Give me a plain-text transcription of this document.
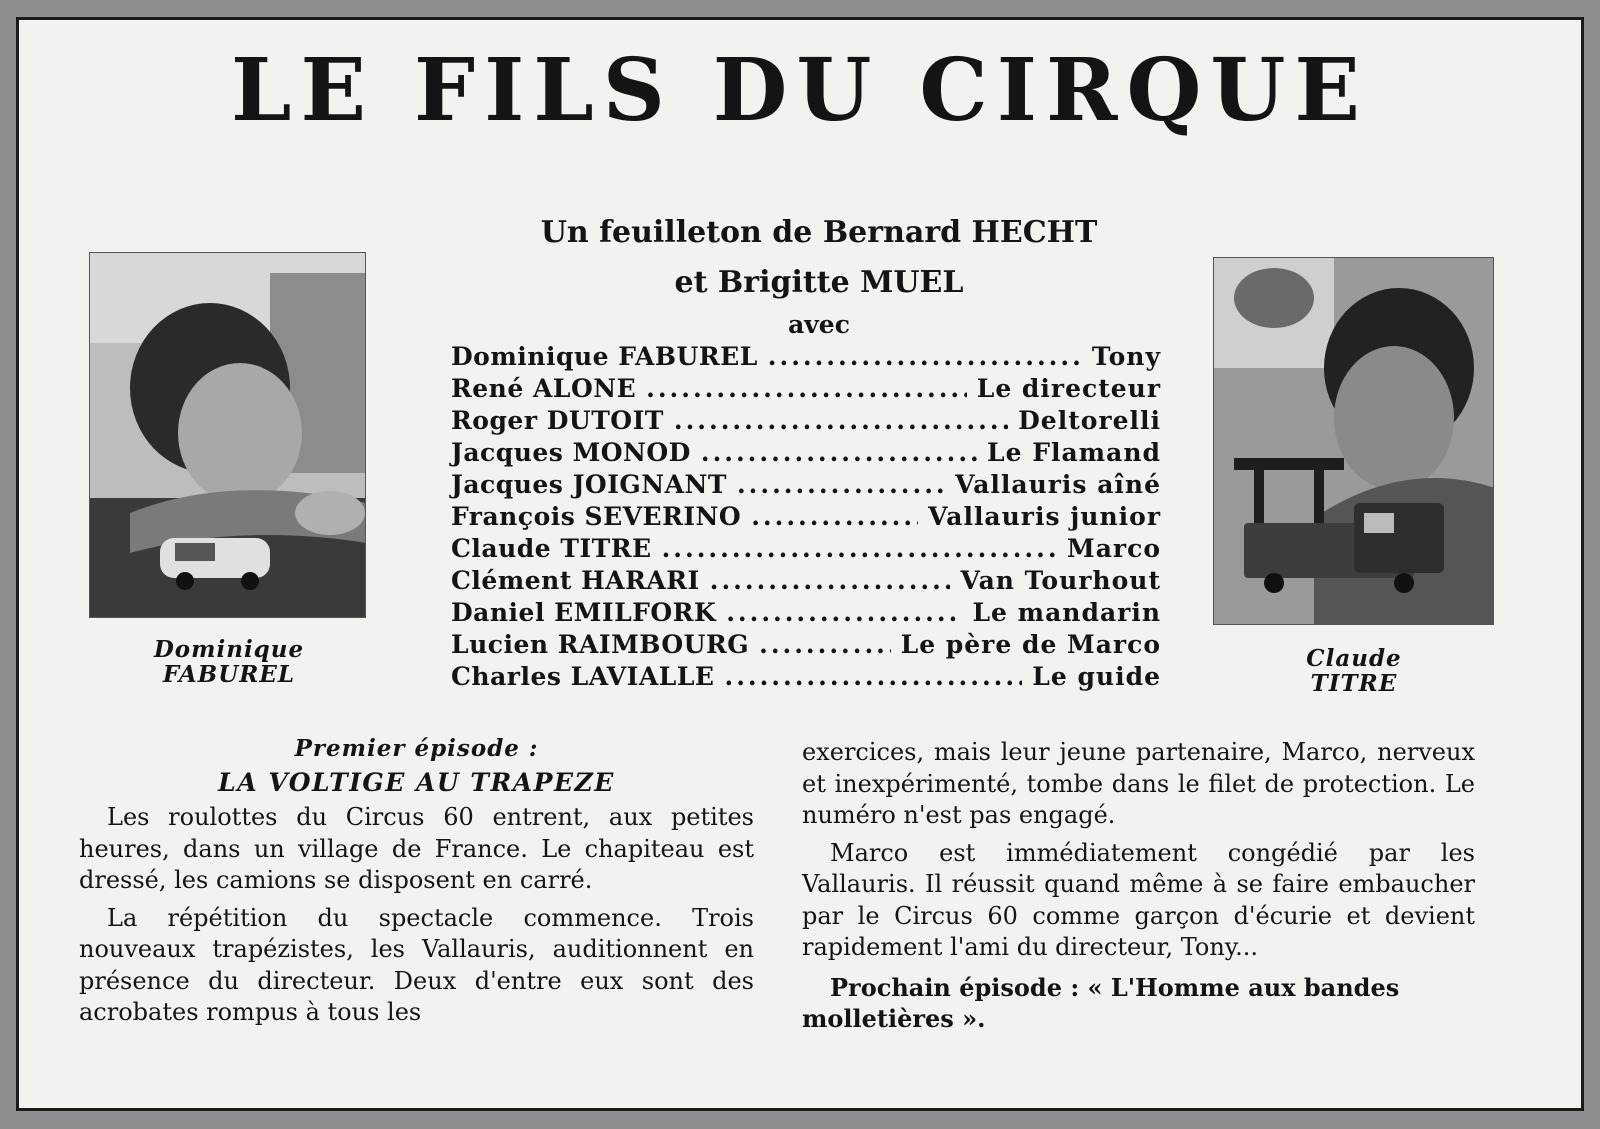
LE FILS DU CIRQUE
Un feuilleton de Bernard HECHT
et Brigitte MUEL
avec
Dominique FABUREL .....	Tony
René ALONE .....	Le directeur
Roger DUTOIT .....	Deltorelli
Jacques MONOD .....	Le Flamand
Jacques JOIGNANT .....	Vallauris aîné
François SEVERINO .....	Vallauris junior
Claude TITRE .....	Marco
Clément HARARI .....	Van Tourhout
Daniel EMILFORK .....	Le mandarin
Lucien RAIMBOURG .....	Le père de Marco
Charles LAVIALLE .....	Le guide
Dominique
FABUREL
Claude
TITRE
Premier épisode :
LA VOLTIGE AU TRAPEZE

Les roulottes du Circus 60 entrent, aux petites heures, dans un village de France. Le chapiteau est dressé, les camions se disposent en carré.

La répétition du spectacle commence. Trois nouveaux trapézistes, les Vallauris, auditionnent en présence du directeur. Deux d'entre eux sont des acrobates rompus à tous les

exercices, mais leur jeune partenaire, Marco, nerveux et inexpérimenté, tombe dans le filet de protection. Le numéro n'est pas engagé.

Marco est immédiatement congédié par les Vallauris. Il réussit quand même à se faire embaucher par le Circus 60 comme garçon d'écurie et devient rapidement l'ami du directeur, Tony...

Prochain épisode : « L'Homme aux bandes molletières ».
